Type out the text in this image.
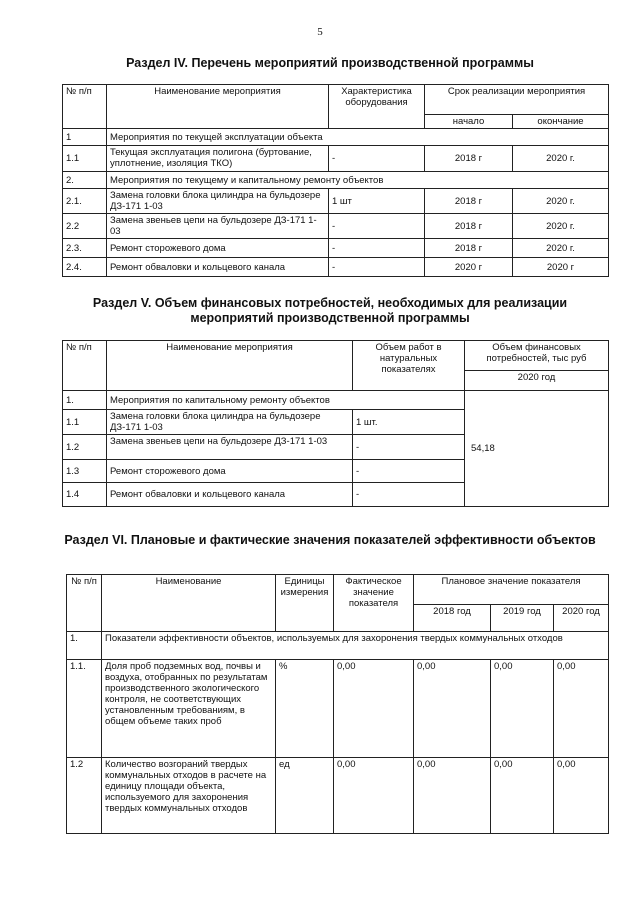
5
Раздел IV. Перечень мероприятий производственной программы
№ п/п	Наименование мероприятия	Характеристика оборудования	Срок реализации мероприятия	
			начало	окончание
1	Мероприятия по текущей эксплуатации объекта			
1.1	Текущая эксплуатация полигона (буртование, уплотнение, изоляция ТКО)	-	2018 г	2020 г.
2.	Мероприятия по текущему и капитальному ремонту объектов			
2.1.	Замена головки блока цилиндра на бульдозере ДЗ-171 1-03	1 шт	2018 г	2020 г.
2.2	Замена звеньев цепи на бульдозере ДЗ-171 1-03	-	2018 г	2020 г.
2.3.	Ремонт сторожевого дома	-	2018 г	2020 г.
2.4.	Ремонт обваловки и кольцевого канала	-	2020 г	2020 г
Раздел V. Объем финансовых потребностей, необходимых для реализации мероприятий производственной программы
№ п/п	Наименование мероприятия	Объем работ в натуральных показателях	Объем финансовых потребностей, тыс руб
			2020 год
1.	Мероприятия по капитальному ремонту объектов		54,18
1.1	Замена головки блока цилиндра на бульдозере ДЗ-171 1-03	1 шт.	
1.2	Замена звеньев цепи на бульдозере ДЗ-171 1-03	-	
1.3	Ремонт сторожевого дома	-	
1.4	Ремонт обваловки и кольцевого канала	-	
Раздел VI. Плановые и фактические значения показателей эффективности объектов
№ п/п	Наименование	Единицы измерения	Фактическое значение показателя	Плановое значение показателя		
				2018 год	2019 год	2020 год
1.	Показатели эффективности объектов, используемых для захоронения твердых коммунальных отходов					
1.1.	Доля проб подземных вод, почвы и воздуха, отобранных по результатам производственного экологического контроля, не соответствующих установленным требованиям, в общем объеме таких проб	%	0,00	0,00	0,00	0,00
1.2	Количество возгораний твердых коммунальных отходов в расчете на единицу площади объекта, используемого для захоронения твердых коммунальных отходов	ед	0,00	0,00	0,00	0,00
